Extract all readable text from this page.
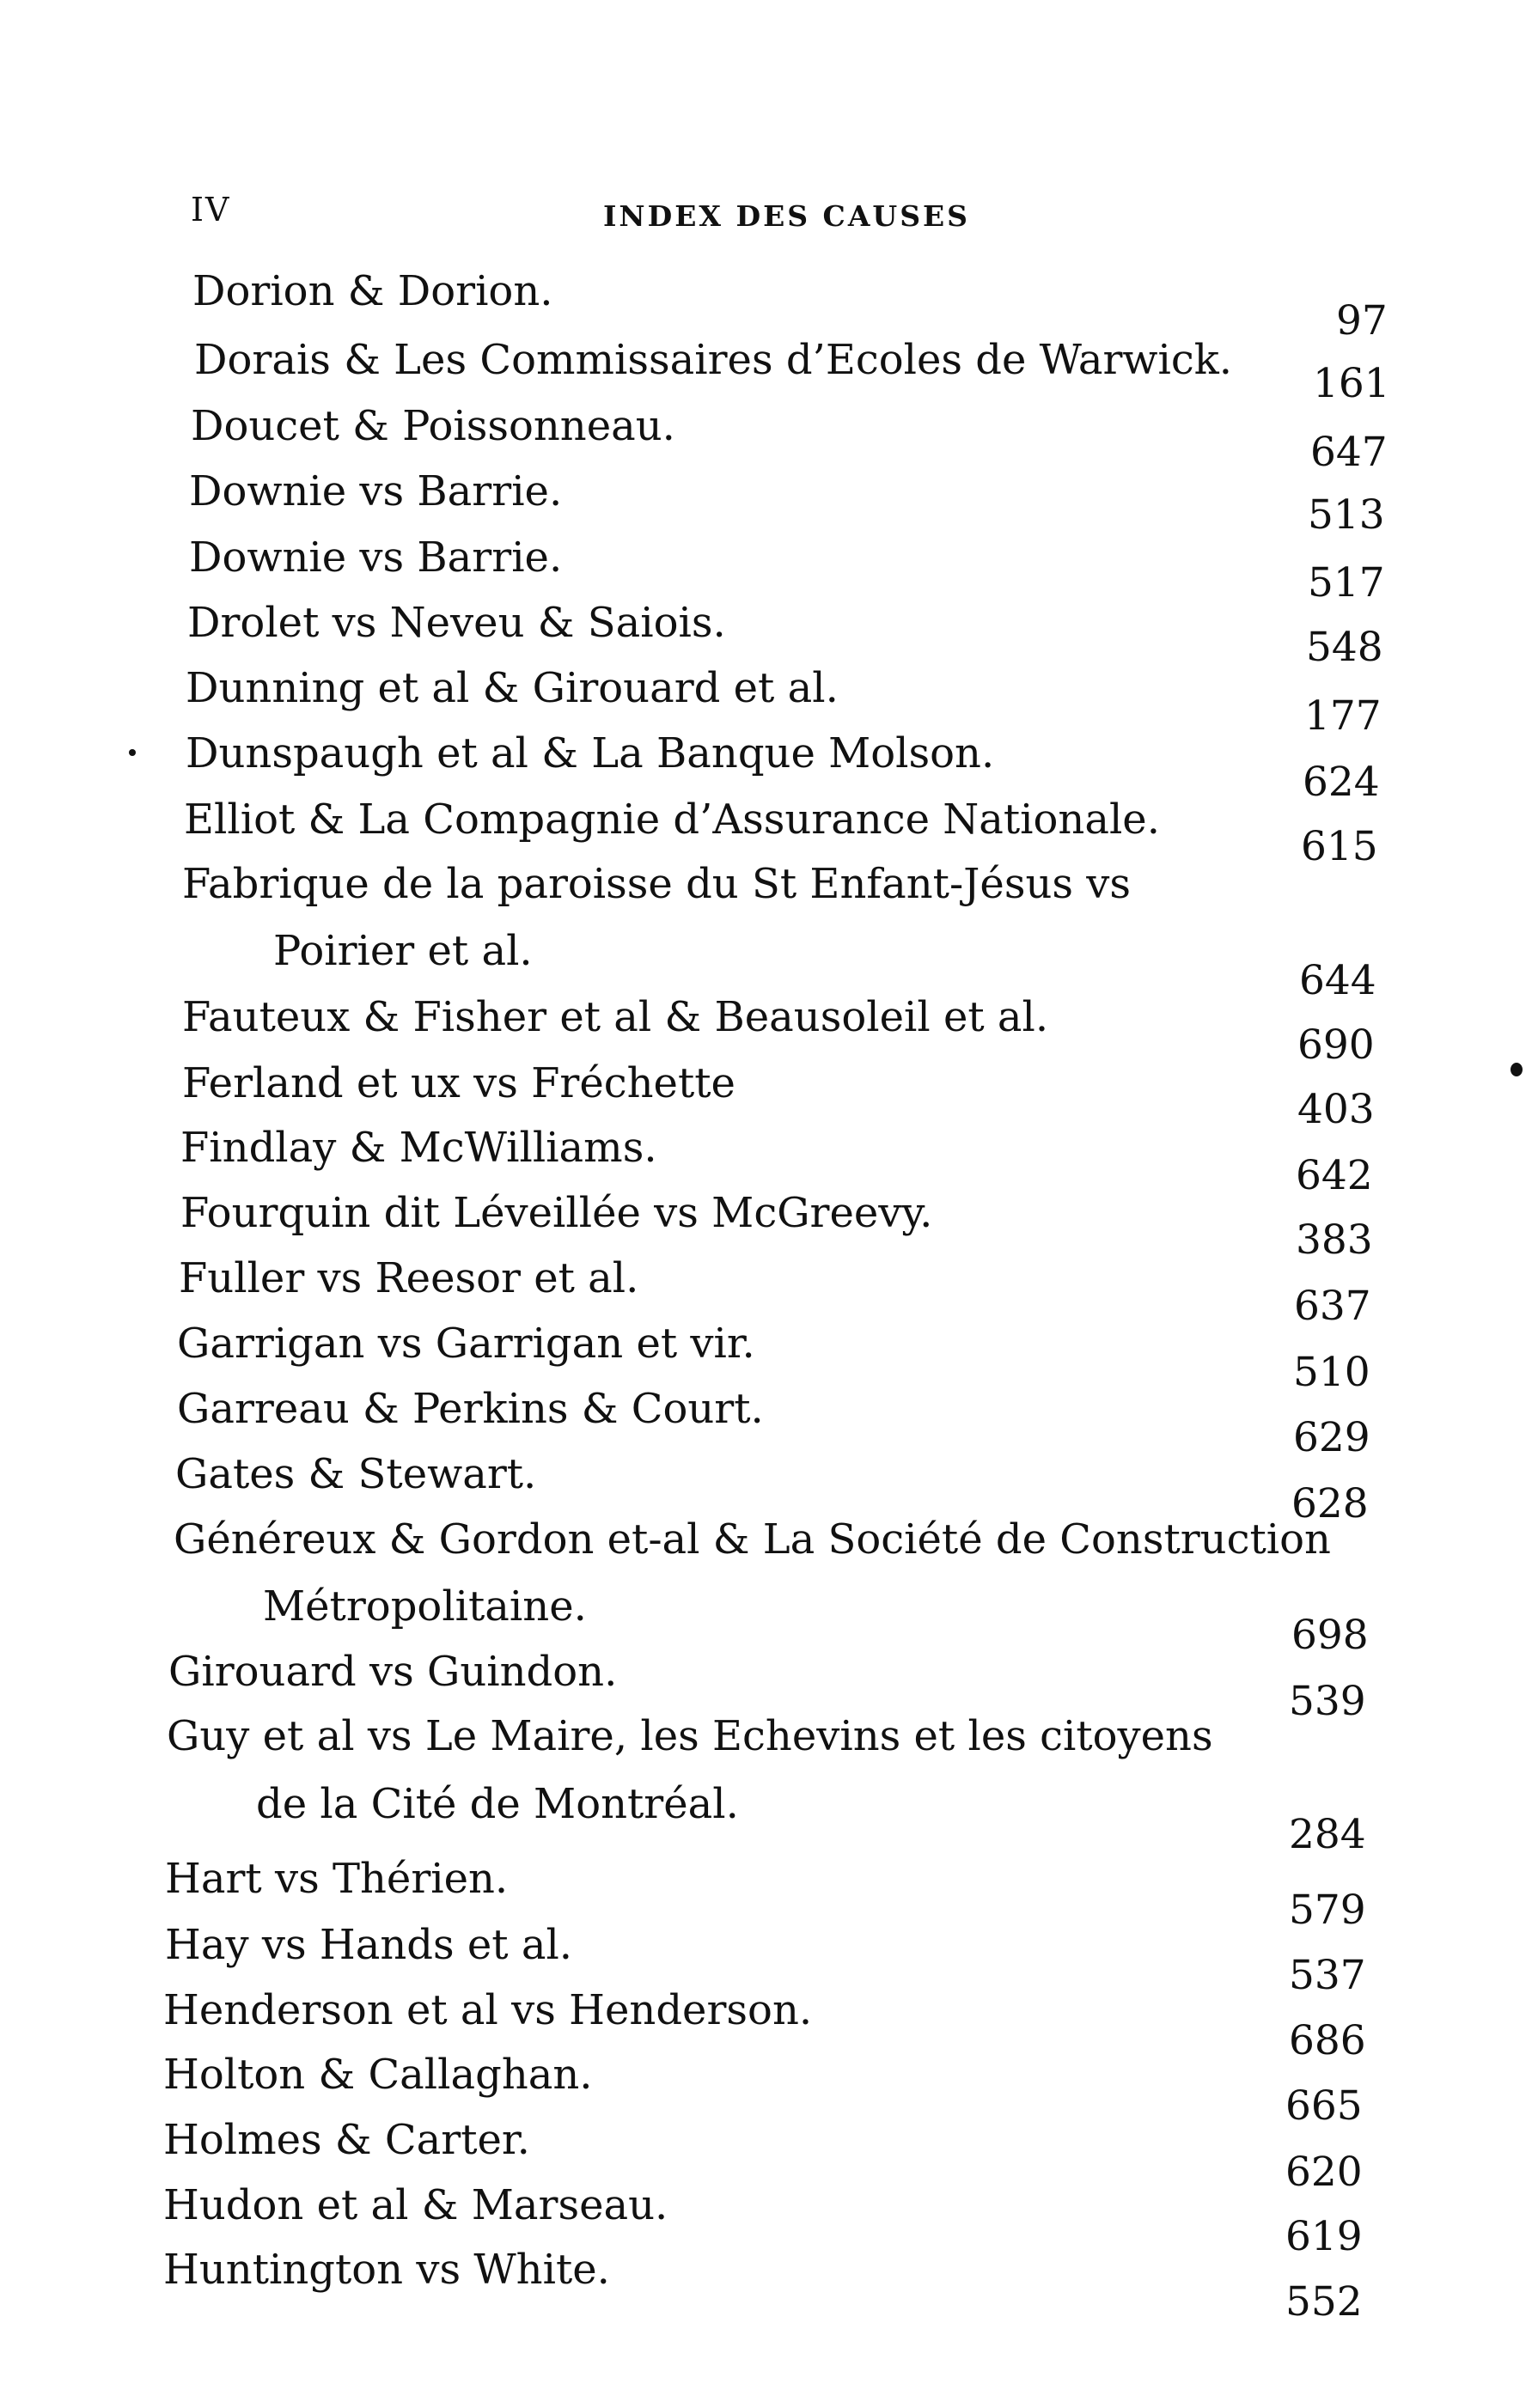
IV	INDEX DES CAUSES
Dorion & Dorion.
97
Dorais & Les Commissaires d’Ecoles de Warwick. 161
Doucet & Poissonneau.
647
Downie vs Barrie.	513
Downie vs Barrie.
517
Drolet vs Neveu & Saiois.
548
Dunning et al & Girouard et al.
177
Dunspaugh et al & La Banque Molson.
624
Elliot & La Compagnie d’Assurance Nationale.
615
Fabrique de la paroisse du St Enfant-Jésus vs
Poirier et al.
644
Fauteux & Fisher et al & Beausoleil et al.
690
Ferland et ux vs Fréchette
403
Findlay & McWilliams.
642
Fourquin dit Léveillée vs McGreevy.
383
Fuller vs Reesor et al.
637
Garrigan vs Garrigan et vir.
510
Garreau & Perkins & Court.
629
Gates & Stewart.
628
Généreux & Gordon et-al & La Société de Construction
Métropolitaine.
698
Girouard vs Guindon.
539
Guy et al vs Le Maire, les Echevins et les citoyens
de la Cité de Montréal.
284
Hart vs Thérien.
579
Hay vs Hands et al.
537
Henderson et al vs Henderson.
686
Holton & Callaghan.
665
Holmes & Carter.
620
Hudon et al & Marseau.
619
Huntington vs White.
552
